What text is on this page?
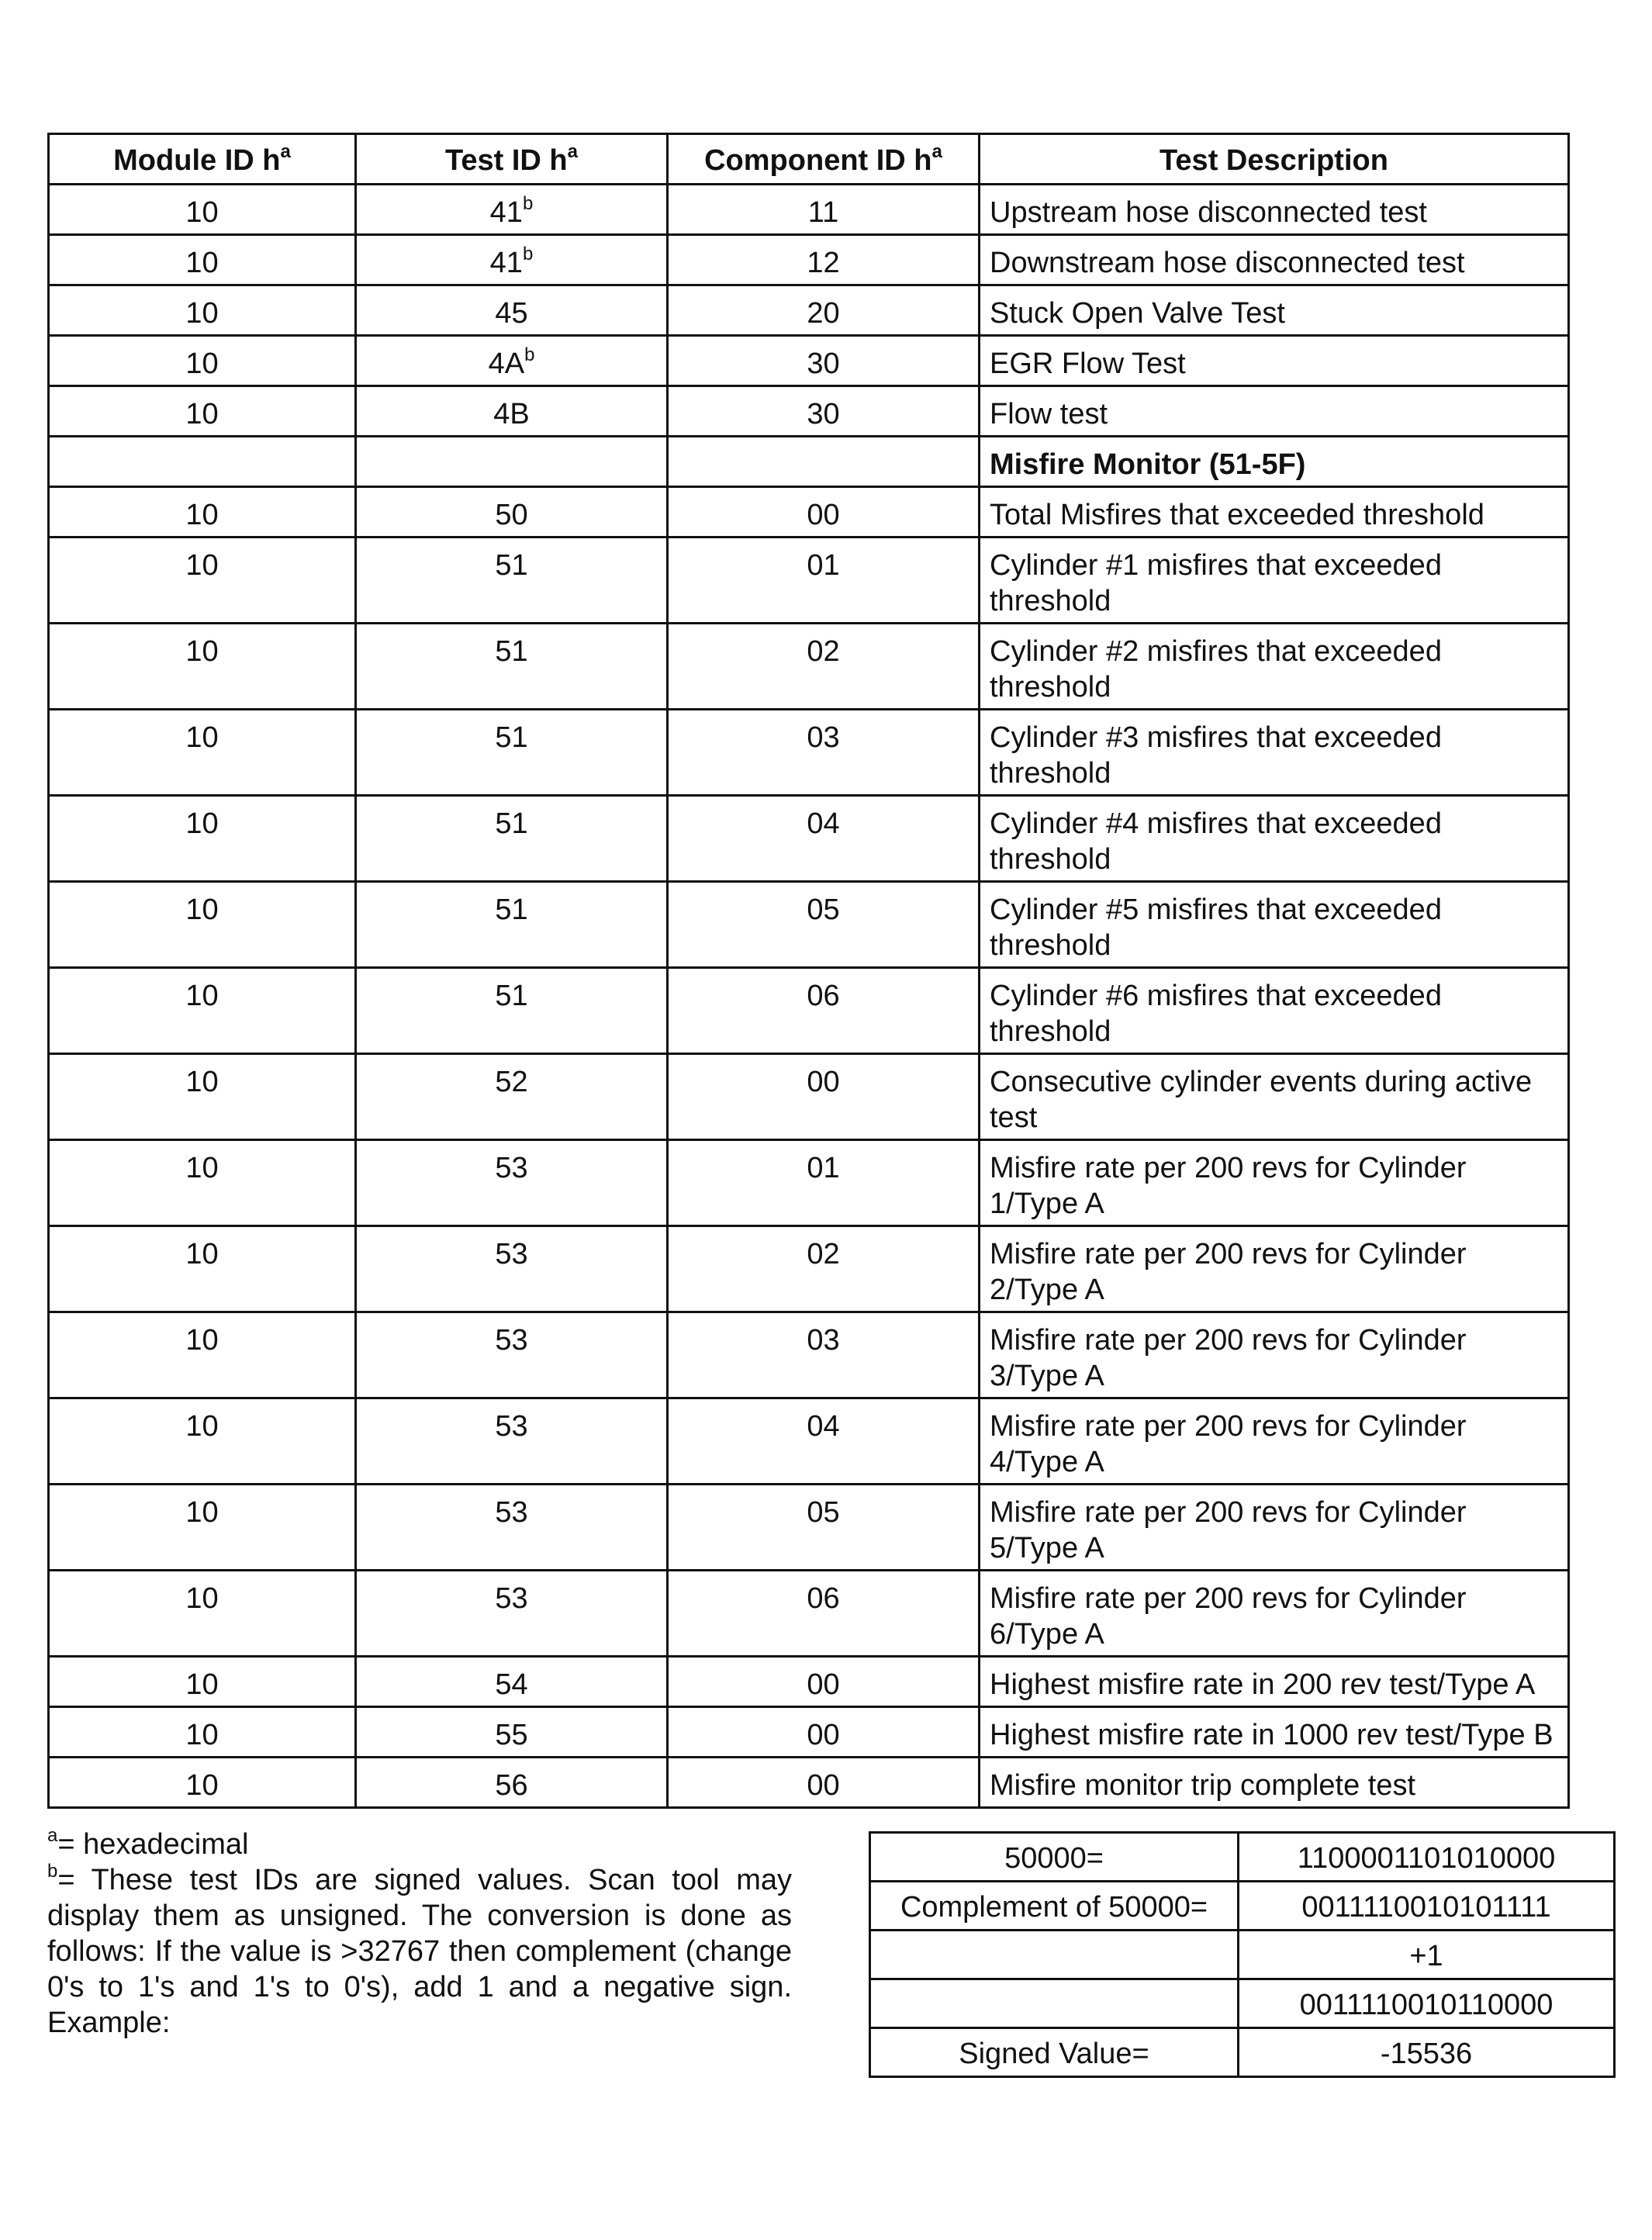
Module ID $h^a$	Test ID $h^a$	Component ID $h^a$	Test Description
10	41$^b$	11	Upstream hose disconnected test
10	41$^b$	12	Downstream hose disconnected test
10	45	20	Stuck Open Valve Test
10	$4A^b$	30	EGR Flow Test
10	4B	30	Flow test
			Misfire Monitor (51-5F)
10	50	00	Total Misfires that exceeded threshold
10	51	01	Cylinder #1 misfires that exceeded threshold
10	51	02	Cylinder #2 misfires that exceeded threshold
10	51	03	Cylinder #3 misfires that exceeded threshold
10	51	04	Cylinder #4 misfires that exceeded threshold
10	51	05	Cylinder #5 misfires that exceeded threshold
10	51	06	Cylinder #6 misfires that exceeded threshold
10	52	00	Consecutive cylinder events during active test
10	53	01	Misfire rate per 200 revs for Cylinder 1/Type A
10	53	02	Misfire rate per 200 revs for Cylinder 2/Type A
10	53	03	Misfire rate per 200 revs for Cylinder 3/Type A
10	53	04	Misfire rate per 200 revs for Cylinder 4/Type A
10	53	05	Misfire rate per 200 revs for Cylinder 5/Type A
10	53	06	Misfire rate per 200 revs for Cylinder 6/Type A
10	54	00	Highest misfire rate in 200 rev test/Type A
10	55	00	Highest misfire rate in 1000 rev test/Type B
10	56	00	Misfire monitor trip complete test

$^a$= hexadecimal

$^b$= These test IDs are signed values. Scan tool may display them as unsigned. The conversion is done as follows: If the value is >32767 then complement (change 0's to 1's and 1's to 0's), add 1 and a negative sign. Example:

50000=	1100001101010000
Complement of 50000=	0011110010101111
	+1
	0011110010110000
Signed Value=	-15536
